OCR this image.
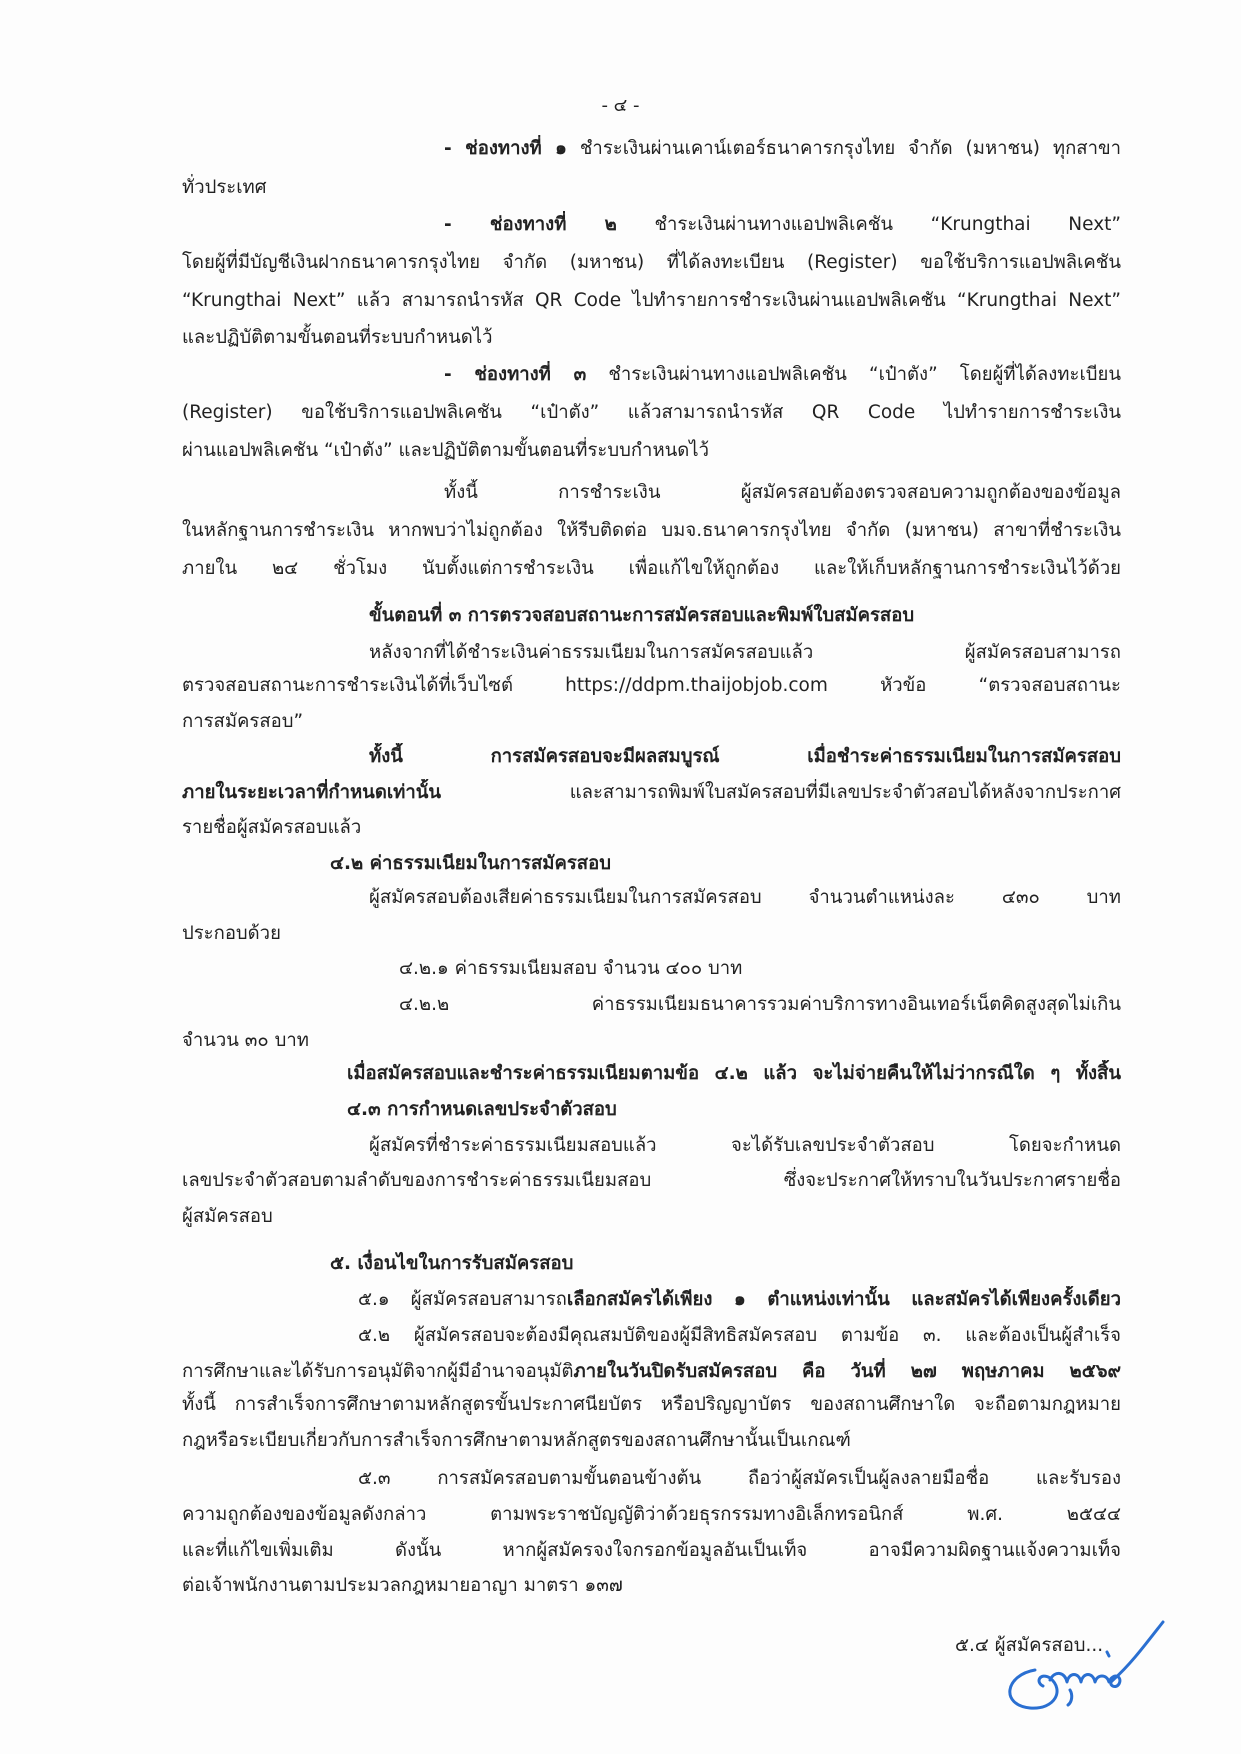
- ๔ -
- ช่องทางที่ ๑ ชำระเงินผ่านเคาน์เตอร์ธนาคารกรุงไทย จำกัด (มหาชน) ทุกสาขา
ทั่วประเทศ
- ช่องทางที่ ๒ ชำระเงินผ่านทางแอปพลิเคชัน “Krungthai Next”
โดยผู้ที่มีบัญชีเงินฝากธนาคารกรุงไทย จำกัด (มหาชน) ที่ได้ลงทะเบียน (Register) ขอใช้บริการแอปพลิเคชัน
“Krungthai Next” แล้ว สามารถนำรหัส QR Code ไปทำรายการชำระเงินผ่านแอปพลิเคชัน “Krungthai Next”
และปฏิบัติตามขั้นตอนที่ระบบกำหนดไว้
- ช่องทางที่ ๓ ชำระเงินผ่านทางแอปพลิเคชัน “เป๋าตัง” โดยผู้ที่ได้ลงทะเบียน
(Register) ขอใช้บริการแอปพลิเคชัน “เป๋าตัง” แล้วสามารถนำรหัส QR Code ไปทำรายการชำระเงิน
ผ่านแอปพลิเคชัน “เป๋าตัง” และปฏิบัติตามขั้นตอนที่ระบบกำหนดไว้
ทั้งนี้ การชำระเงิน ผู้สมัครสอบต้องตรวจสอบความถูกต้องของข้อมูล
ในหลักฐานการชำระเงิน หากพบว่าไม่ถูกต้อง ให้รีบติดต่อ บมจ.ธนาคารกรุงไทย จำกัด (มหาชน) สาขาที่ชำระเงิน
ภายใน ๒๔ ชั่วโมง นับตั้งแต่การชำระเงิน เพื่อแก้ไขให้ถูกต้อง และให้เก็บหลักฐานการชำระเงินไว้ด้วย
ขั้นตอนที่ ๓ การตรวจสอบสถานะการสมัครสอบและพิมพ์ใบสมัครสอบ
หลังจากที่ได้ชำระเงินค่าธรรมเนียมในการสมัครสอบแล้ว ผู้สมัครสอบสามารถ
ตรวจสอบสถานะการชำระเงินได้ที่เว็บไซต์ https://ddpm.thaijobjob.com หัวข้อ “ตรวจสอบสถานะ
การสมัครสอบ”
ทั้งนี้ การสมัครสอบจะมีผลสมบูรณ์ เมื่อชำระค่าธรรมเนียมในการสมัครสอบ
ภายในระยะเวลาที่กำหนดเท่านั้น และสามารถพิมพ์ใบสมัครสอบที่มีเลขประจำตัวสอบได้หลังจากประกาศ
รายชื่อผู้สมัครสอบแล้ว
๔.๒ ค่าธรรมเนียมในการสมัครสอบ
ผู้สมัครสอบต้องเสียค่าธรรมเนียมในการสมัครสอบ จำนวนตำแหน่งละ ๔๓๐ บาท
ประกอบด้วย
๔.๒.๑ ค่าธรรมเนียมสอบ จำนวน ๔๐๐ บาท
๔.๒.๒ ค่าธรรมเนียมธนาคารรวมค่าบริการทางอินเทอร์เน็ตคิดสูงสุดไม่เกิน
จำนวน ๓๐ บาท
เมื่อสมัครสอบและชำระค่าธรรมเนียมตามข้อ ๔.๒ แล้ว จะไม่จ่ายคืนให้ไม่ว่ากรณีใด ๆ ทั้งสิ้น
๔.๓ การกำหนดเลขประจำตัวสอบ
ผู้สมัครที่ชำระค่าธรรมเนียมสอบแล้ว จะได้รับเลขประจำตัวสอบ โดยจะกำหนด
เลขประจำตัวสอบตามลำดับของการชำระค่าธรรมเนียมสอบ ซึ่งจะประกาศให้ทราบในวันประกาศรายชื่อ
ผู้สมัครสอบ
๕. เงื่อนไขในการรับสมัครสอบ
๕.๑ ผู้สมัครสอบสามารถเลือกสมัครได้เพียง ๑ ตำแหน่งเท่านั้น และสมัครได้เพียงครั้งเดียว
๕.๒ ผู้สมัครสอบจะต้องมีคุณสมบัติของผู้มีสิทธิสมัครสอบ ตามข้อ ๓. และต้องเป็นผู้สำเร็จ
การศึกษาและได้รับการอนุมัติจากผู้มีอำนาจอนุมัติภายในวันปิดรับสมัครสอบ คือ วันที่ ๒๗ พฤษภาคม ๒๕๖๙
ทั้งนี้ การสำเร็จการศึกษาตามหลักสูตรขั้นประกาศนียบัตร หรือปริญญาบัตร ของสถานศึกษาใด จะถือตามกฎหมาย
กฎหรือระเบียบเกี่ยวกับการสำเร็จการศึกษาตามหลักสูตรของสถานศึกษานั้นเป็นเกณฑ์
๕.๓ การสมัครสอบตามขั้นตอนข้างต้น ถือว่าผู้สมัครเป็นผู้ลงลายมือชื่อ และรับรอง
ความถูกต้องของข้อมูลดังกล่าว ตามพระราชบัญญัติว่าด้วยธุรกรรมทางอิเล็กทรอนิกส์ พ.ศ. ๒๕๔๔
และที่แก้ไขเพิ่มเติม ดังนั้น หากผู้สมัครจงใจกรอกข้อมูลอันเป็นเท็จ อาจมีความผิดฐานแจ้งความเท็จ
ต่อเจ้าพนักงานตามประมวลกฎหมายอาญา มาตรา ๑๓๗
๕.๔ ผู้สมัครสอบ...
